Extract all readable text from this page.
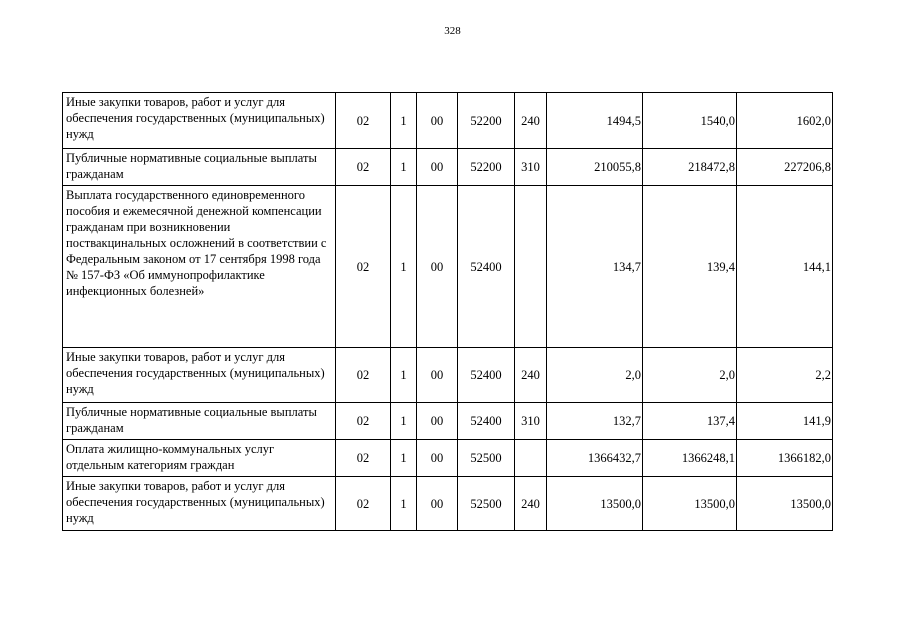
328
Иные закупки товаров, работ и услуг для обеспечения государственных (муниципальных) нужд	02	1	00	52200	240	1494,5	1540,0	1602,0
Публичные нормативные социальные выплаты гражданам	02	1	00	52200	310	210055,8	218472,8	227206,8
Выплата государственного единовременного пособия и ежемесячной денежной компенсации гражданам при возникновении поствакцинальных осложнений в соответствии с Федеральным законом от 17 сентября 1998 года № 157-ФЗ «Об иммунопрофилактике инфекционных болезней»	02	1	00	52400		134,7	139,4	144,1
Иные закупки товаров, работ и услуг для обеспечения государственных (муниципальных) нужд	02	1	00	52400	240	2,0	2,0	2,2
Публичные нормативные социальные выплаты гражданам	02	1	00	52400	310	132,7	137,4	141,9
Оплата жилищно-коммунальных услуг отдельным категориям граждан	02	1	00	52500		1366432,7	1366248,1	1366182,0
Иные закупки товаров, работ и услуг для обеспечения государственных (муниципальных) нужд	02	1	00	52500	240	13500,0	13500,0	13500,0
